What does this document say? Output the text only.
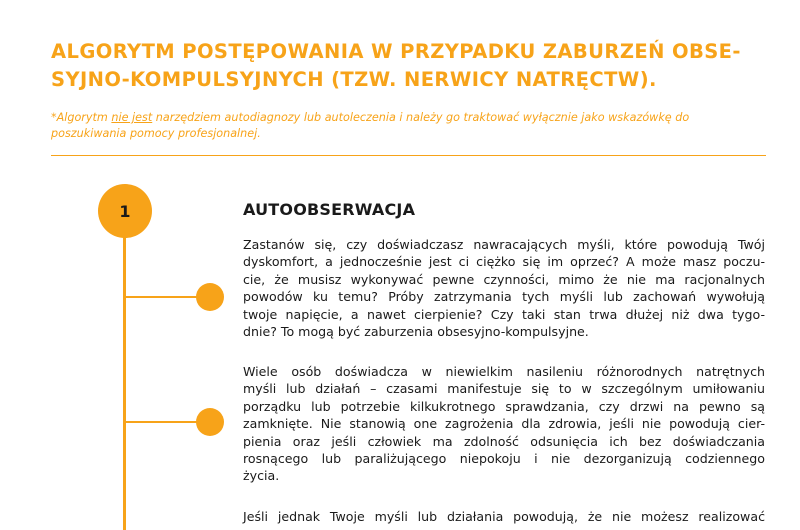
ALGORYTM POSTĘPOWANIA W PRZYPADKU ZABURZEŃ OBSE-
SYJNO-KOMPULSYJNYCH (TZW. NERWICY NATRĘCTW).

*Algorytm nie jest narzędziem autodiagnozy lub autoleczenia i należy go traktować wyłącznie jako wskazówkę do
poszukiwania pomocy profesjonalnej.

1	AUTOOBSERWACJA
Zastanów się, czy doświadczasz nawracających myśli, które powodują Twój
dyskomfort, a jednocześnie jest ci ciężko się im oprzeć? A może masz poczu-
cie, że musisz wykonywać pewne czynności, mimo że nie ma racjonalnych
powodów ku temu? Próby zatrzymania tych myśli lub zachowań wywołują
twoje napięcie, a nawet cierpienie? Czy taki stan trwa dłużej niż dwa tygo-
dnie? To mogą być zaburzenia obsesyjno-kompulsyjne.
Wiele osób doświadcza w niewielkim nasileniu różnorodnych natrętnych
myśli lub działań – czasami manifestuje się to w szczególnym umiłowaniu
porządku lub potrzebie kilkukrotnego sprawdzania, czy drzwi na pewno są
zamknięte. Nie stanowią one zagrożenia dla zdrowia, jeśli nie powodują cier-
pienia oraz jeśli człowiek ma zdolność odsunięcia ich bez doświadczania
rosnącego lub paraliżującego niepokoju i nie dezorganizują codziennego
życia.
Jeśli jednak Twoje myśli lub działania powodują, że nie możesz realizować
